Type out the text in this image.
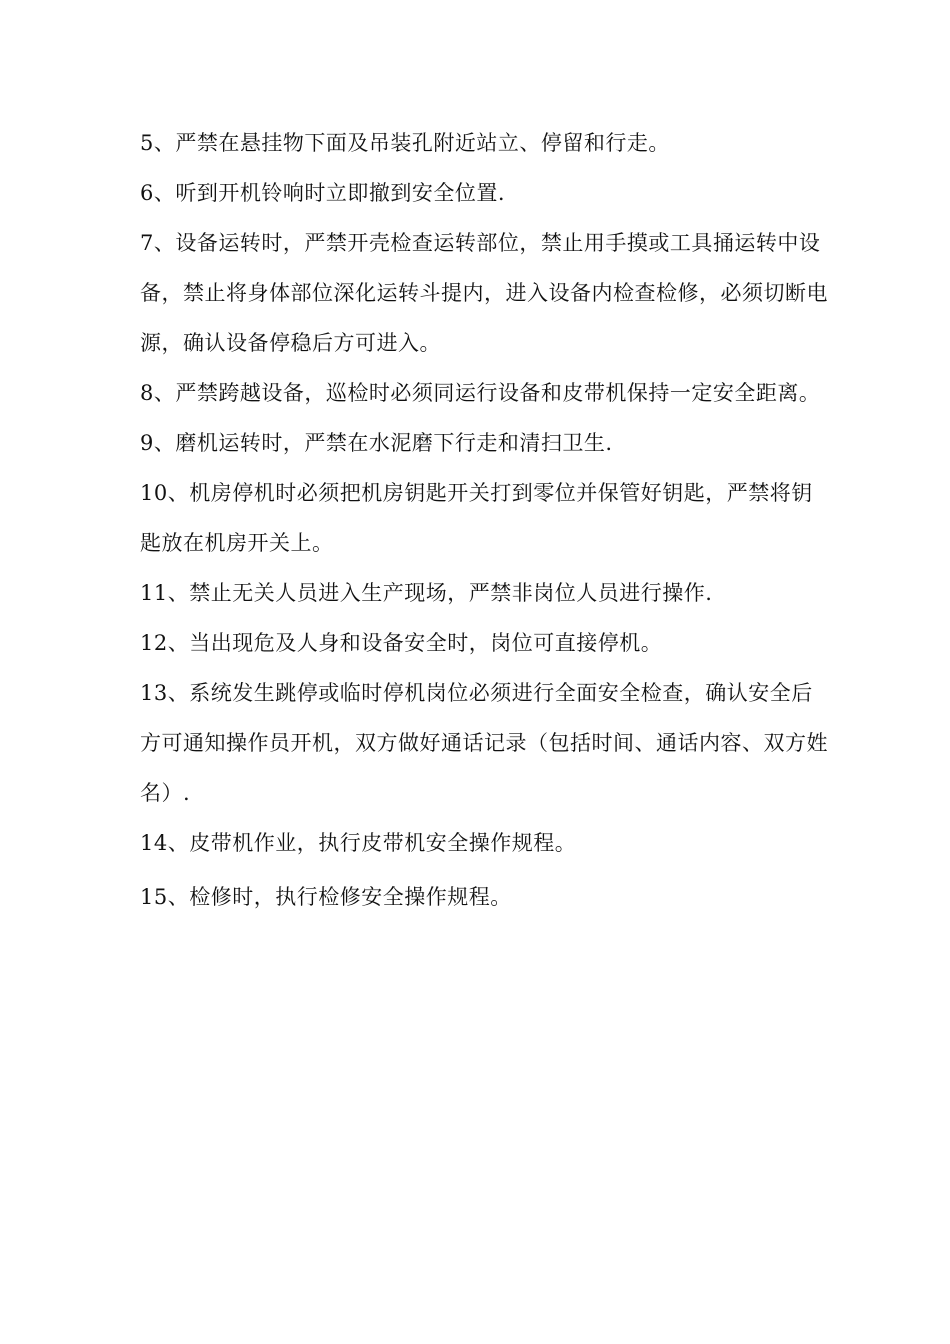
5、严禁在悬挂物下面及吊装孔附近站立、停留和行走。

6、听到开机铃响时立即撤到安全位置.

7、设备运转时，严禁开壳检查运转部位，禁止用手摸或工具捅运转中设备，禁止将身体部位深化运转斗提内，进入设备内检查检修，必须切断电源，确认设备停稳后方可进入。

8、严禁跨越设备，巡检时必须同运行设备和皮带机保持一定安全距离。

9、磨机运转时，严禁在水泥磨下行走和清扫卫生.

10、机房停机时必须把机房钥匙开关打到零位并保管好钥匙，严禁将钥匙放在机房开关上。

11、禁止无关人员进入生产现场，严禁非岗位人员进行操作.

12、当出现危及人身和设备安全时，岗位可直接停机。

13、系统发生跳停或临时停机岗位必须进行全面安全检查，确认安全后方可通知操作员开机，双方做好通话记录（包括时间、通话内容、双方姓名）.

14、皮带机作业，执行皮带机安全操作规程。

15、检修时，执行检修安全操作规程。
